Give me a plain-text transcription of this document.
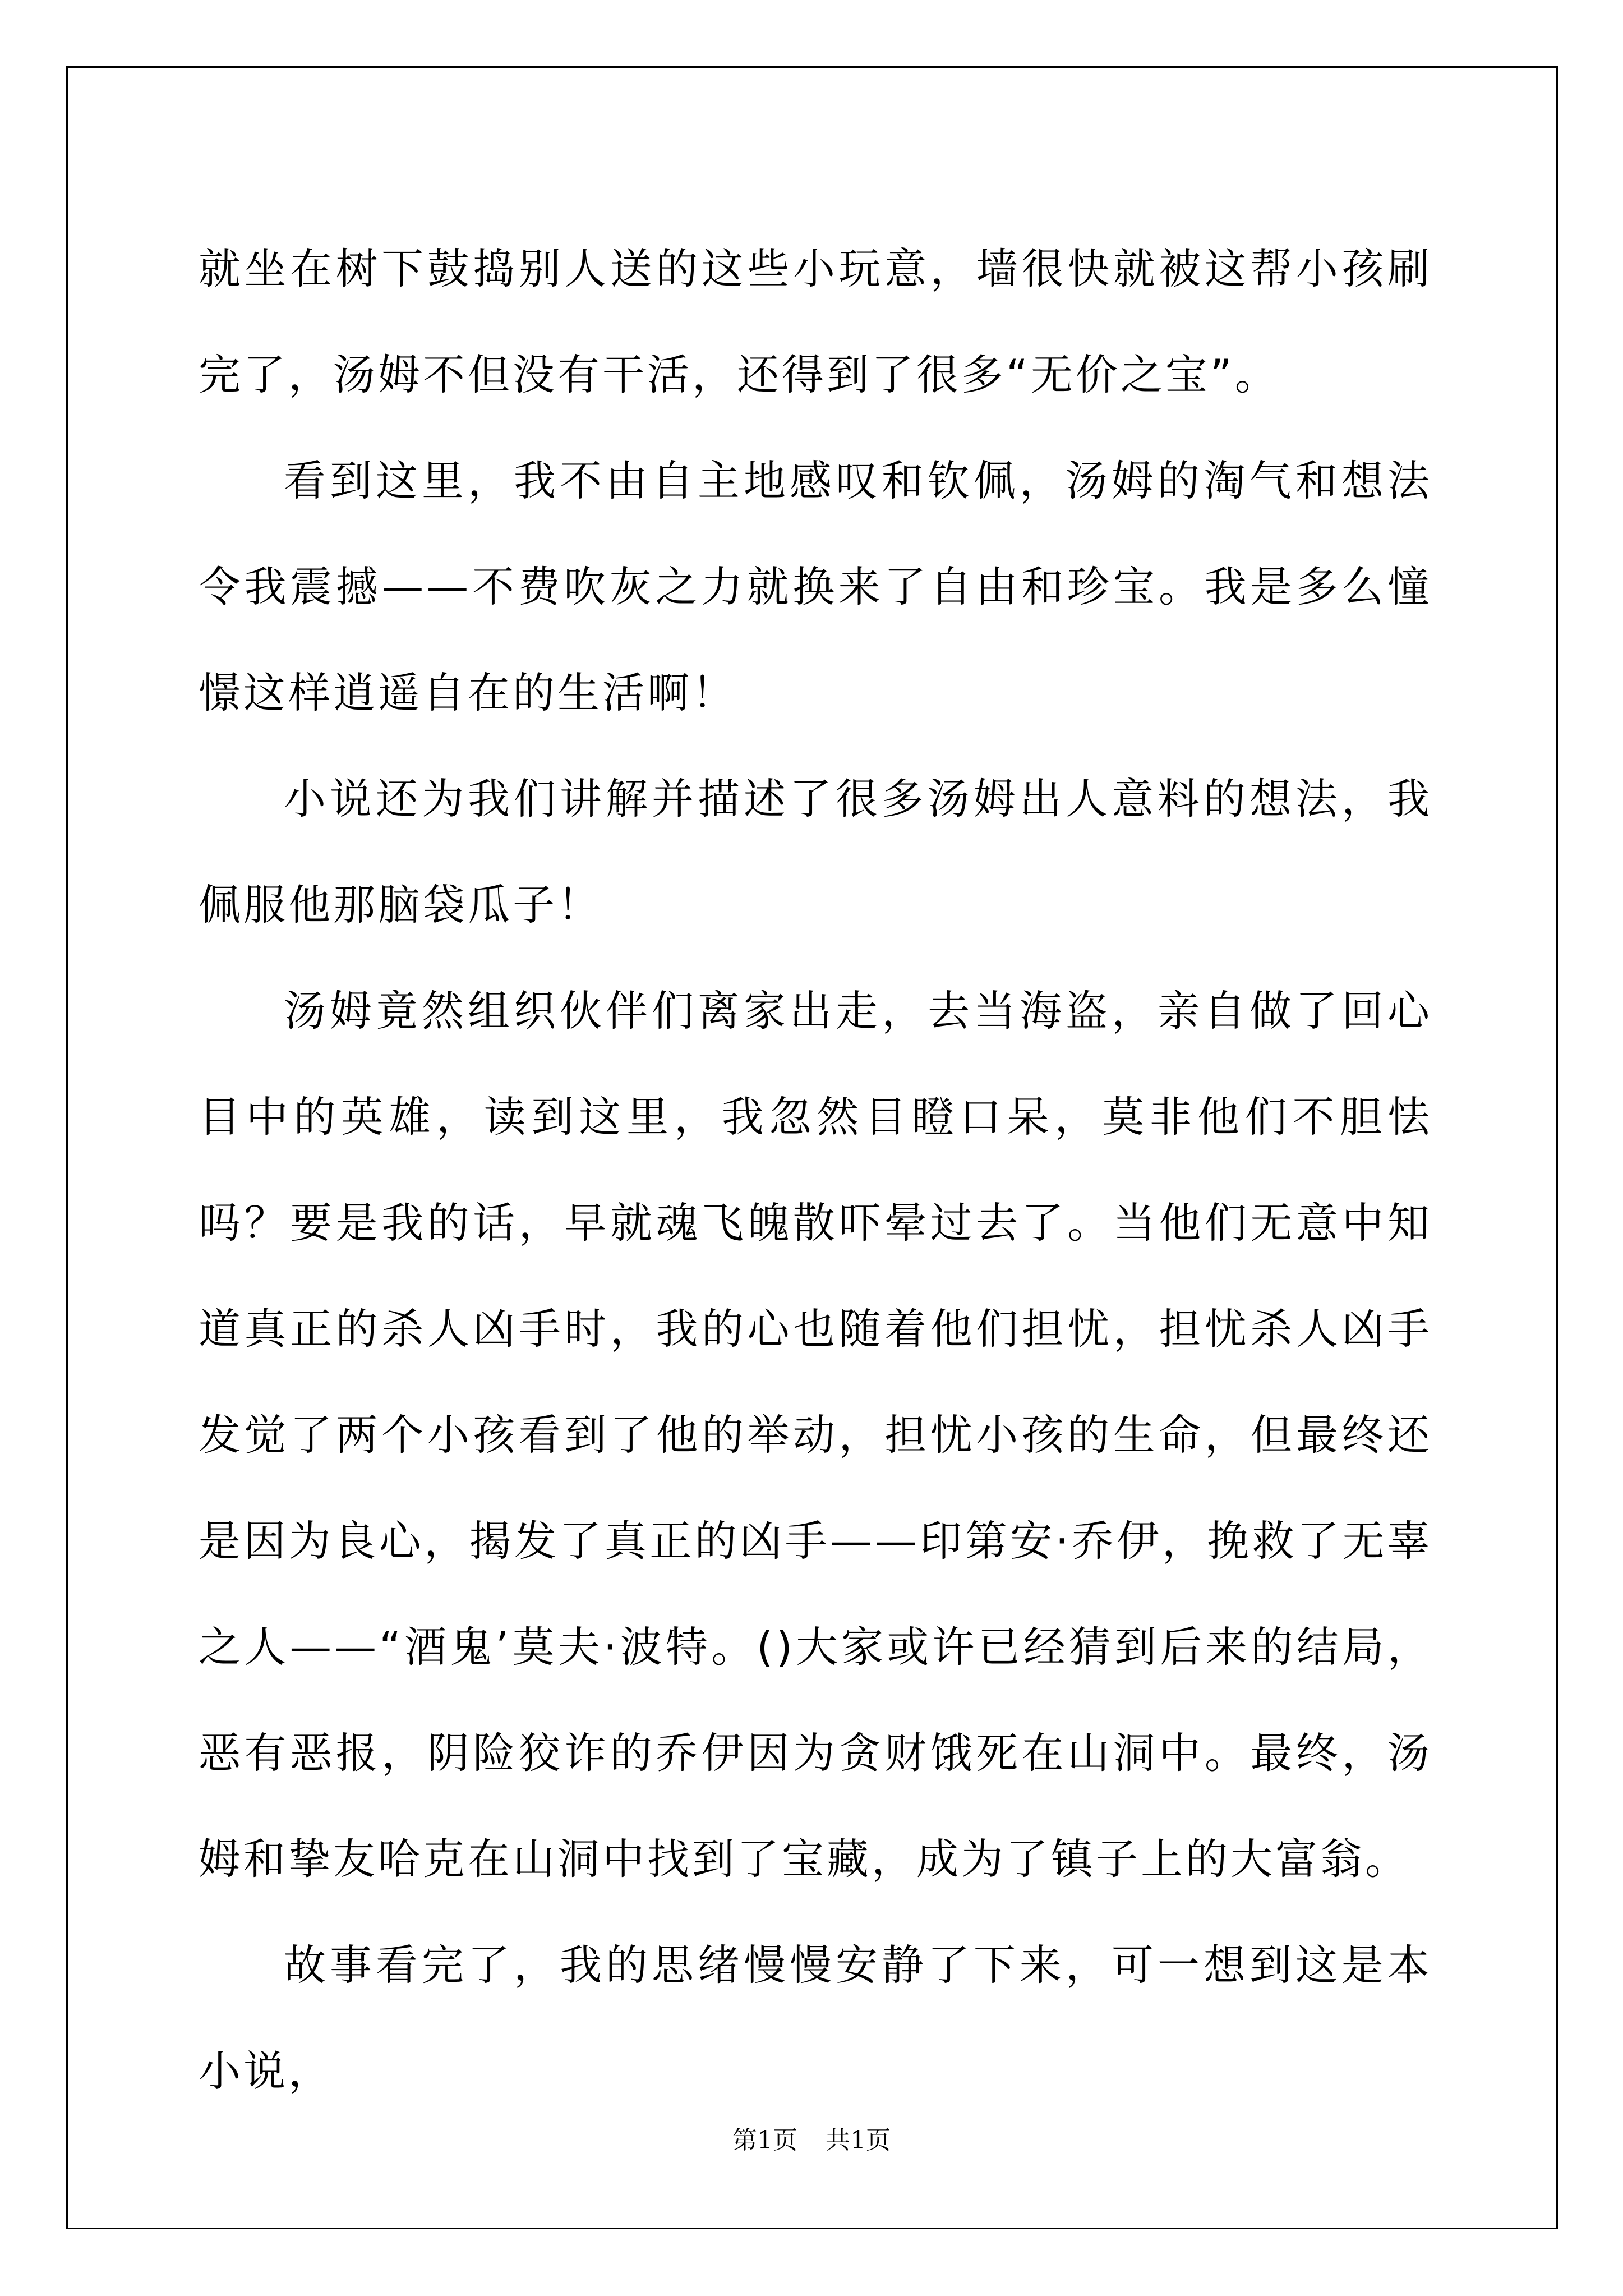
就坐在树下鼓捣别人送的这些小玩意，墙很快就被这帮小孩刷完了，汤姆不但没有干活，还得到了很多“无价之宝”。

看到这里，我不由自主地感叹和钦佩，汤姆的淘气和想法令我震撼——不费吹灰之力就换来了自由和珍宝。我是多么憧憬这样逍遥自在的生活啊！

小说还为我们讲解并描述了很多汤姆出人意料的想法，我佩服他那脑袋瓜子！

汤姆竟然组织伙伴们离家出走，去当海盗，亲自做了回心目中的英雄，读到这里，我忽然目瞪口呆，莫非他们不胆怯 吗？要是我的话，早就魂飞魄散吓晕过去了。当他们无意中知道真正的杀人凶手时，我的心也随着他们担忧，担忧杀人凶手发觉了两个小孩看到了他的举动，担忧小孩的生命，但最终还是因为良心，揭发了真正的凶手——印第安·乔伊，挽救了无辜之人——“酒鬼’莫夫·波特。()大家或许已经猜到后来的结局，恶有恶报，阴险狡诈的乔伊因为贪财饿死在山洞中。最终，汤姆和挚友哈克在山洞中找到了宝藏，成为了镇子上的大富翁。

故事看完了，我的思绪慢慢安静了下来，可一想到这是本小说，

第1页 共1页
